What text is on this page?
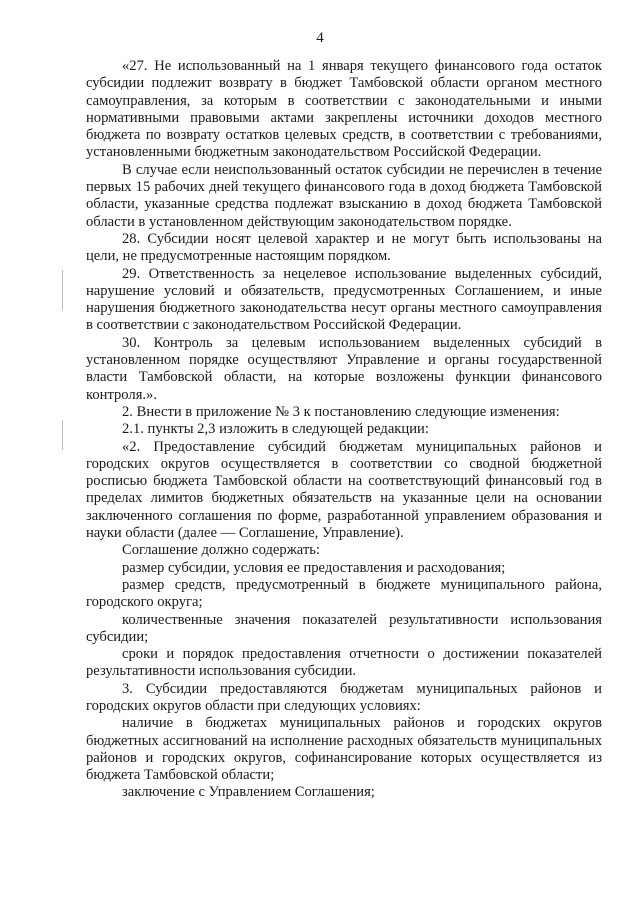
4

«27. Не использованный на 1 января текущего финансового года остаток субсидии подлежит возврату в бюджет Тамбовской области органом местного самоуправления, за которым в соответствии с законодательными и иными нормативными правовыми актами закреплены источники доходов местного бюджета по возврату остатков целевых средств, в соответствии с требованиями, установленными бюджетным законодательством Российской Федерации.

В случае если неиспользованный остаток субсидии не перечислен в течение первых 15 рабочих дней текущего финансового года в доход бюджета Тамбовской области, указанные средства подлежат взысканию в доход бюджета Тамбовской области в установленном действующим законодательством порядке.

28. Субсидии носят целевой характер и не могут быть использованы на цели, не предусмотренные настоящим порядком.

29. Ответственность за нецелевое использование выделенных субсидий, нарушение условий и обязательств, предусмотренных Соглашением, и иные нарушения бюджетного законодательства несут органы местного самоуправления в соответствии с законодательством Российской Федерации.

30. Контроль за целевым использованием выделенных субсидий в установленном порядке осуществляют Управление и органы государственной власти Тамбовской области, на которые возложены функции финансового контроля.».

2. Внести в приложение № 3 к постановлению следующие изменения:

2.1. пункты 2,3 изложить в следующей редакции:

«2. Предоставление субсидий бюджетам муниципальных районов и городских округов осуществляется в соответствии со сводной бюджетной росписью бюджета Тамбовской области на соответствующий финансовый год в пределах лимитов бюджетных обязательств на указанные цели на основании заключенного соглашения по форме, разработанной управлением образования и науки области (далее — Соглашение, Управление).

Соглашение должно содержать:

размер субсидии, условия ее предоставления и расходования;

размер средств, предусмотренный в бюджете муниципального района, городского округа;

количественные значения показателей результативности использования субсидии;

сроки и порядок предоставления отчетности о достижении показателей результативности использования субсидии.

3. Субсидии предоставляются бюджетам муниципальных районов и городских округов области при следующих условиях:

наличие в бюджетах муниципальных районов и городских округов бюджетных ассигнований на исполнение расходных обязательств муниципальных районов и городских округов, софинансирование которых осуществляется из бюджета Тамбовской области;

заключение с Управлением Соглашения;
